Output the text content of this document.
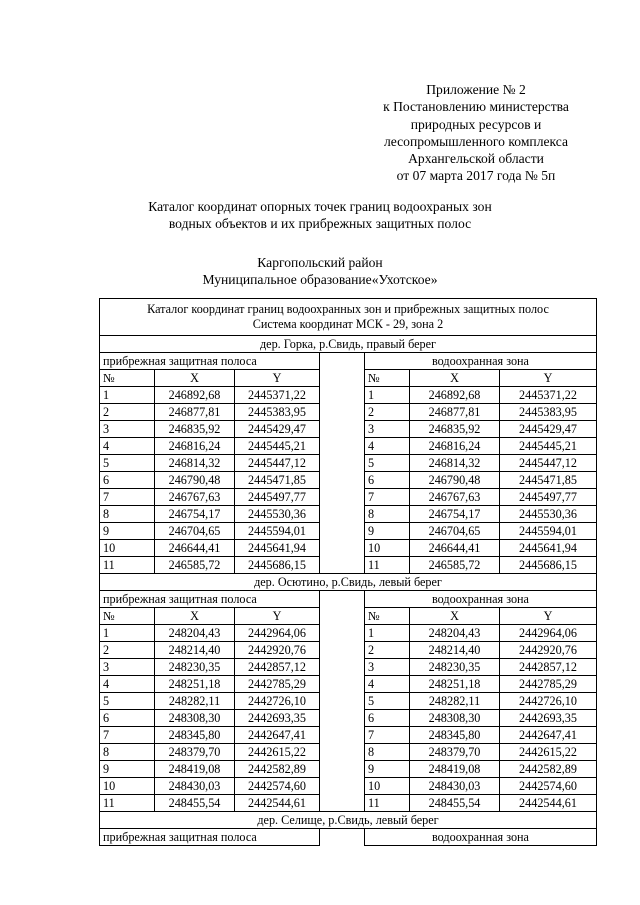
Приложение № 2
к Постановлению министерства
природных ресурсов и
лесопромышленного комплекса
Архангельской области
от 07 марта 2017 года № 5п
Каталог координат опорных точек границ водоохраных зон
водных объектов и их прибрежных защитных полос
Каргопольский район
Муниципальное образование«Ухотское»
Каталог координат границ водоохранных зон и прибрежных защитных полос
Система координат МСК - 29, зона 2						

дер. Горка, р.Свидь, правый берег						
прибрежная защитная полоса				водоохранная зона		
№	X	Y		№	X	Y
1	246892,68	2445371,22		1	246892,68	2445371,22
2	246877,81	2445383,95		2	246877,81	2445383,95
3	246835,92	2445429,47		3	246835,92	2445429,47
4	246816,24	2445445,21		4	246816,24	2445445,21
5	246814,32	2445447,12		5	246814,32	2445447,12
6	246790,48	2445471,85		6	246790,48	2445471,85
7	246767,63	2445497,77		7	246767,63	2445497,77
8	246754,17	2445530,36		8	246754,17	2445530,36
9	246704,65	2445594,01		9	246704,65	2445594,01
10	246644,41	2445641,94		10	246644,41	2445641,94
11	246585,72	2445686,15		11	246585,72	2445686,15
дер. Осютино, р.Свидь, левый берег						
прибрежная защитная полоса				водоохранная зона		
№	X	Y		№	X	Y
1	248204,43	2442964,06		1	248204,43	2442964,06
2	248214,40	2442920,76		2	248214,40	2442920,76
3	248230,35	2442857,12		3	248230,35	2442857,12
4	248251,18	2442785,29		4	248251,18	2442785,29
5	248282,11	2442726,10		5	248282,11	2442726,10
6	248308,30	2442693,35		6	248308,30	2442693,35
7	248345,80	2442647,41		7	248345,80	2442647,41
8	248379,70	2442615,22		8	248379,70	2442615,22
9	248419,08	2442582,89		9	248419,08	2442582,89
10	248430,03	2442574,60		10	248430,03	2442574,60
11	248455,54	2442544,61		11	248455,54	2442544,61
дер. Селище, р.Свидь, левый берег						
прибрежная защитная полоса				водоохранная зона		
